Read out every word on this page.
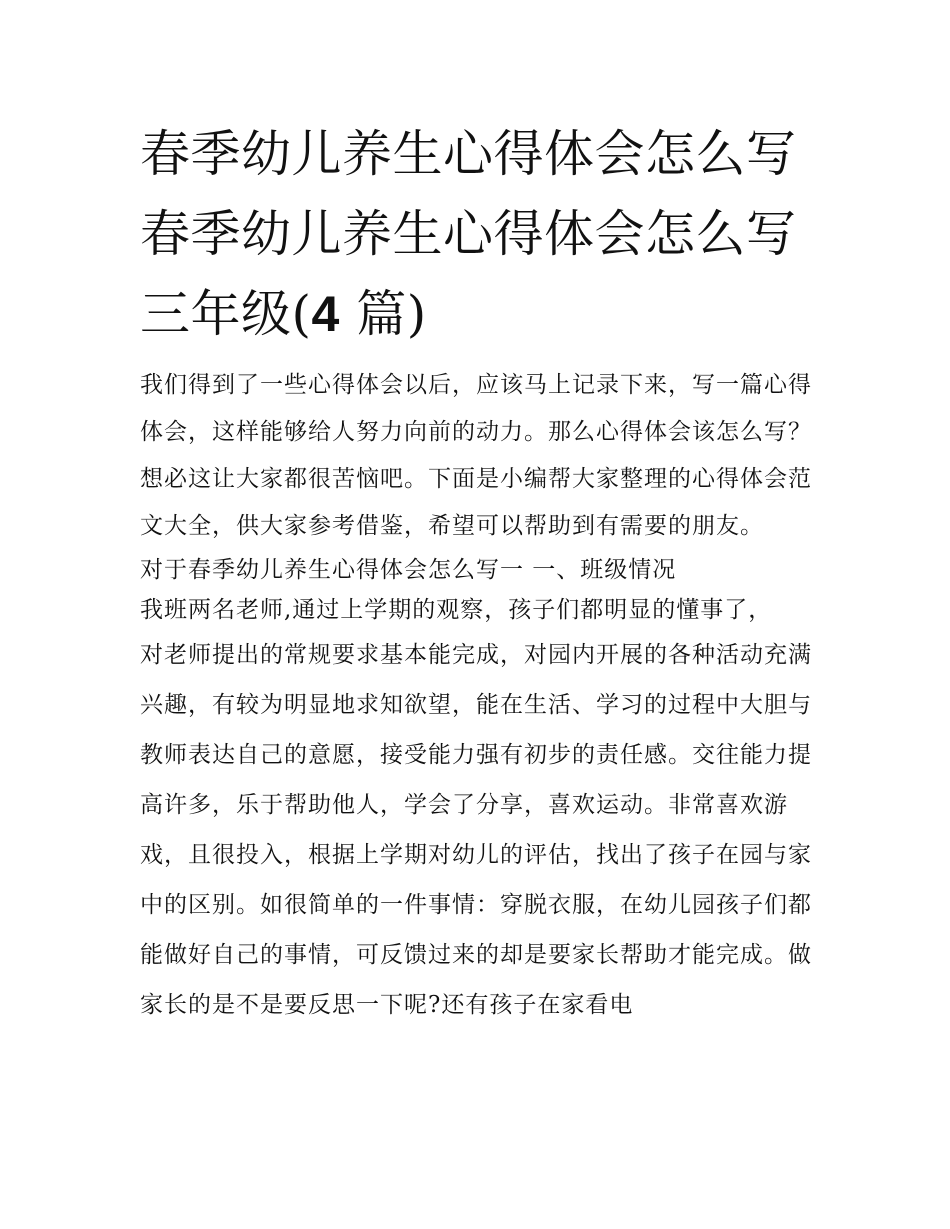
春季幼儿养生心得体会怎么写春季幼儿养生心得体会怎么写三年级(4 篇)

我们得到了一些心得体会以后，应该马上记录下来，写一篇心得体会，这样能够给人努力向前的动力。那么心得体会该怎么写？想必这让大家都很苦恼吧。下面是小编帮大家整理的心得体会范文大全，供大家参考借鉴，希望可以帮助到有需要的朋友。

对于春季幼儿养生心得体会怎么写一 一、班级情况

我班两名老师,通过上学期的观察，孩子们都明显的懂事了，

对老师提出的常规要求基本能完成，对园内开展的各种活动充满兴趣，有较为明显地求知欲望，能在生活、学习的过程中大胆与教师表达自己的意愿，接受能力强有初步的责任感。交往能力提高许多，乐于帮助他人，学会了分享，喜欢运动。非常喜欢游戏，且很投入，根据上学期对幼儿的评估，找出了孩子在园与家中的区别。如很简单的一件事情：穿脱衣服，在幼儿园孩子们都能做好自己的事情，可反馈过来的却是要家长帮助才能完成。做家长的是不是要反思一下呢?还有孩子在家看电
